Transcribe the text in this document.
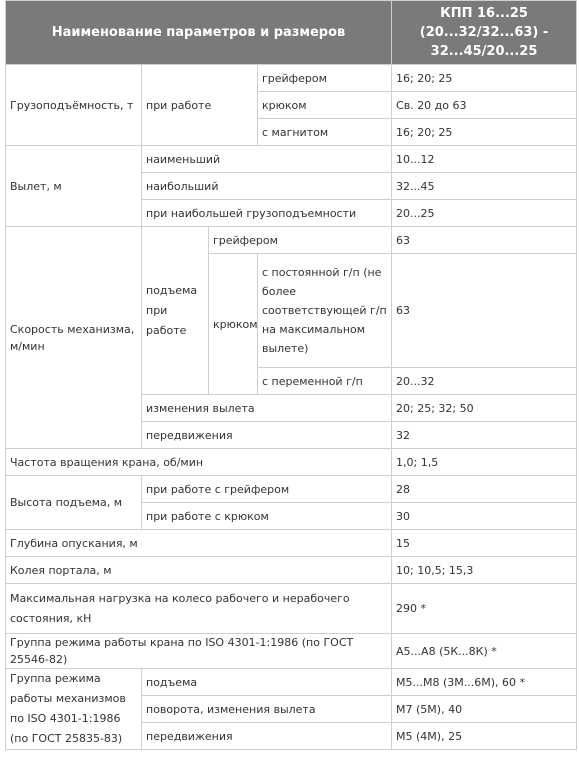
Наименование параметров и размеров				КПП 16...25 (20...32/32...63) - 32...45/20...25
Грузоподъёмность, т	при работе		грейфером	16; 20; 25
			крюком	Св. 20 до 63
			с магнитом	16; 20; 25
Вылет, м	наименьший			10...12
	наибольший			32...45
	при наибольшей грузоподъемности			20...25
Скорость механизма, м/мин	подъема при работе	грейфером		63
		крюком	с постоянной г/п (не более соответствующей г/п на максимальном вылете)	63
			с переменной г/п	20...32
	изменения вылета			20; 25; 32; 50
	передвижения			32
Частота вращения крана, об/мин				1,0; 1,5
Высота подъема, м	при работе с грейфером			28
	при работе с крюком			30
Глубина опускания, м				15
Колея портала, м				10; 10,5; 15,3
Максимальная нагрузка на колесо рабочего и нерабочего состояния, кН				290 *
Группа режима работы крана по ISO 4301-1:1986 (по ГОСТ 25546-82)				А5...А8 (5К...8К) *
Группа режима работы механизмов по ISO 4301-1:1986 (по ГОСТ 25835-83)	подъема			М5...М8 (3М...6М), 60 *
	поворота, изменения вылета			М7 (5М), 40
	передвижения			М5 (4М), 25
